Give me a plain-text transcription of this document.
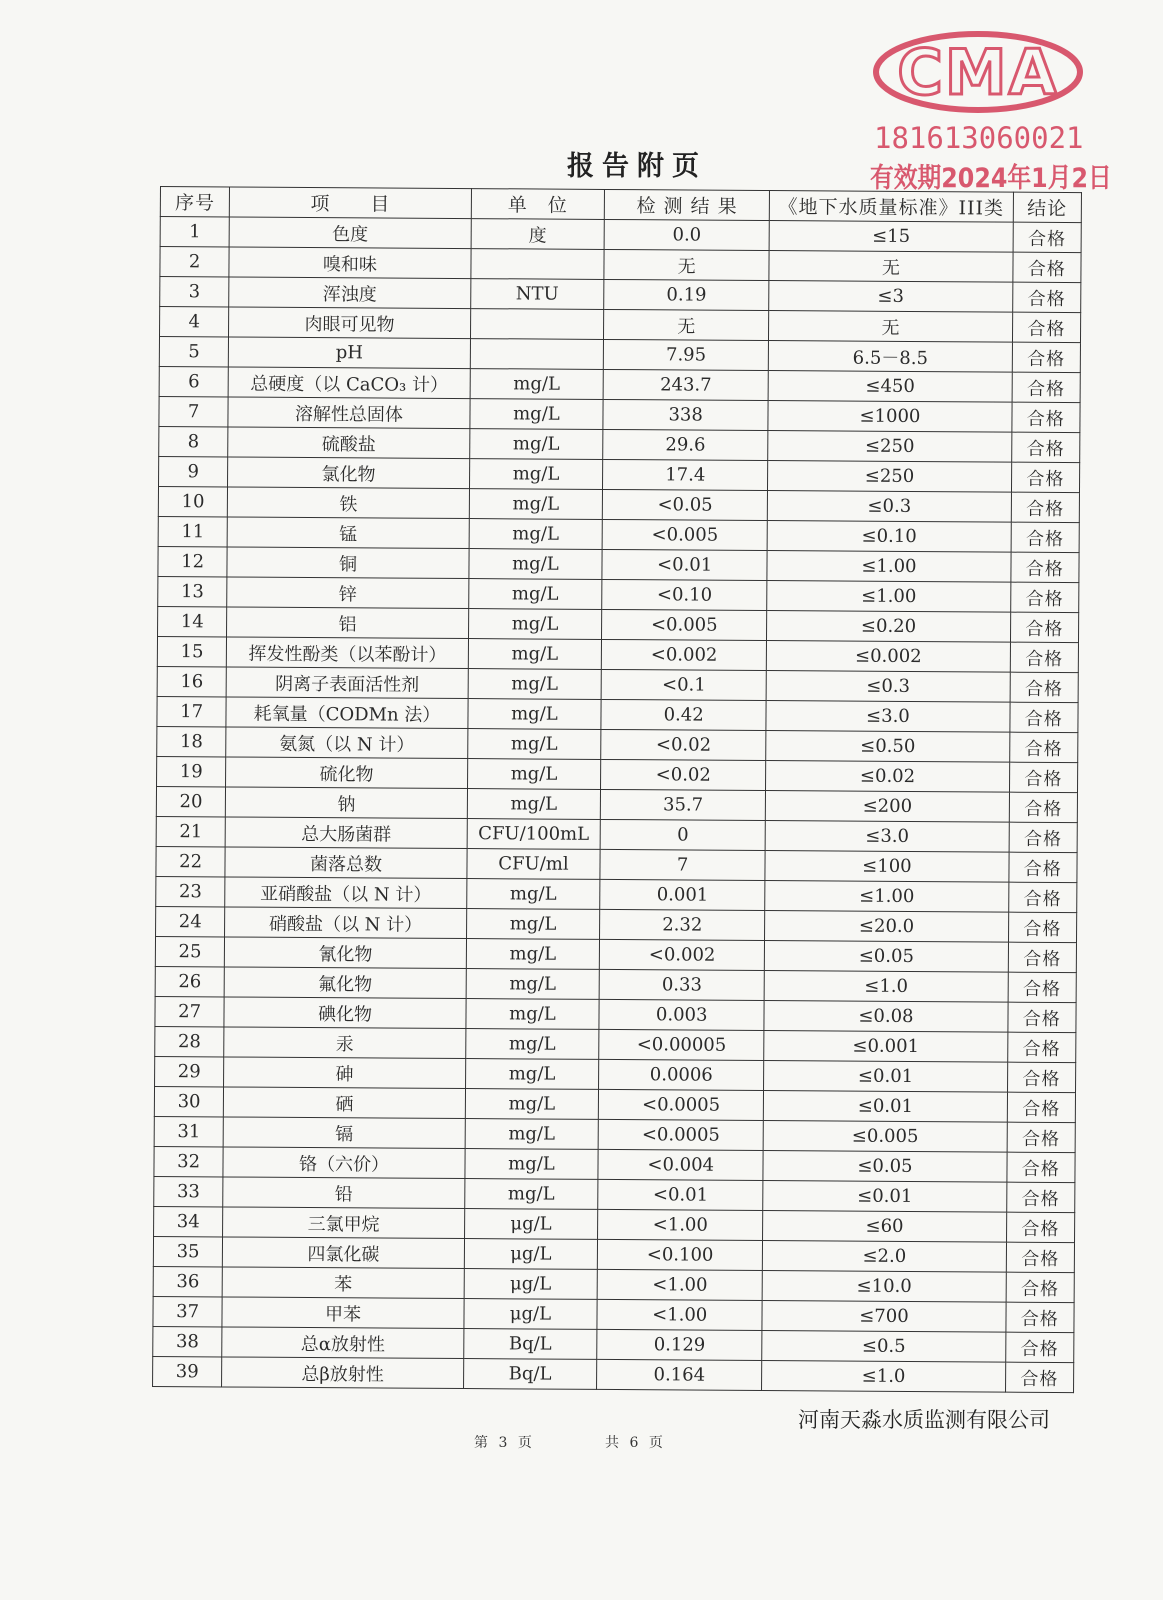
CMA
181613060021
有效期2024年1月2日
报告附页
序号	项　　目	单　位	检 测 结 果	《地下水质量标准》III类	结论
1	色度	度	0.0	≤15	合格
2	嗅和味		无	无	合格
3	浑浊度	NTU	0.19	≤3	合格
4	肉眼可见物		无	无	合格
5	pH		7.95	6.5－8.5	合格
6	总硬度（以 CaCO₃ 计）	mg/L	243.7	≤450	合格
7	溶解性总固体	mg/L	338	≤1000	合格
8	硫酸盐	mg/L	29.6	≤250	合格
9	氯化物	mg/L	17.4	≤250	合格
10	铁	mg/L	<0.05	≤0.3	合格
11	锰	mg/L	<0.005	≤0.10	合格
12	铜	mg/L	<0.01	≤1.00	合格
13	锌	mg/L	<0.10	≤1.00	合格
14	铝	mg/L	<0.005	≤0.20	合格
15	挥发性酚类（以苯酚计）	mg/L	<0.002	≤0.002	合格
16	阴离子表面活性剂	mg/L	<0.1	≤0.3	合格
17	耗氧量（CODMn 法）	mg/L	0.42	≤3.0	合格
18	氨氮（以 N 计）	mg/L	<0.02	≤0.50	合格
19	硫化物	mg/L	<0.02	≤0.02	合格
20	钠	mg/L	35.7	≤200	合格
21	总大肠菌群	CFU/100mL	0	≤3.0	合格
22	菌落总数	CFU/ml	7	≤100	合格
23	亚硝酸盐（以 N 计）	mg/L	0.001	≤1.00	合格
24	硝酸盐（以 N 计）	mg/L	2.32	≤20.0	合格
25	氰化物	mg/L	<0.002	≤0.05	合格
26	氟化物	mg/L	0.33	≤1.0	合格
27	碘化物	mg/L	0.003	≤0.08	合格
28	汞	mg/L	<0.00005	≤0.001	合格
29	砷	mg/L	0.0006	≤0.01	合格
30	硒	mg/L	<0.0005	≤0.01	合格
31	镉	mg/L	<0.0005	≤0.005	合格
32	铬（六价）	mg/L	<0.004	≤0.05	合格
33	铅	mg/L	<0.01	≤0.01	合格
34	三氯甲烷	μg/L	<1.00	≤60	合格
35	四氯化碳	μg/L	<0.100	≤2.0	合格
36	苯	μg/L	<1.00	≤10.0	合格
37	甲苯	μg/L	<1.00	≤700	合格
38	总α放射性	Bq/L	0.129	≤0.5	合格
39	总β放射性	Bq/L	0.164	≤1.0	合格
河南天淼水质监测有限公司
第 3 页	共 6 页
